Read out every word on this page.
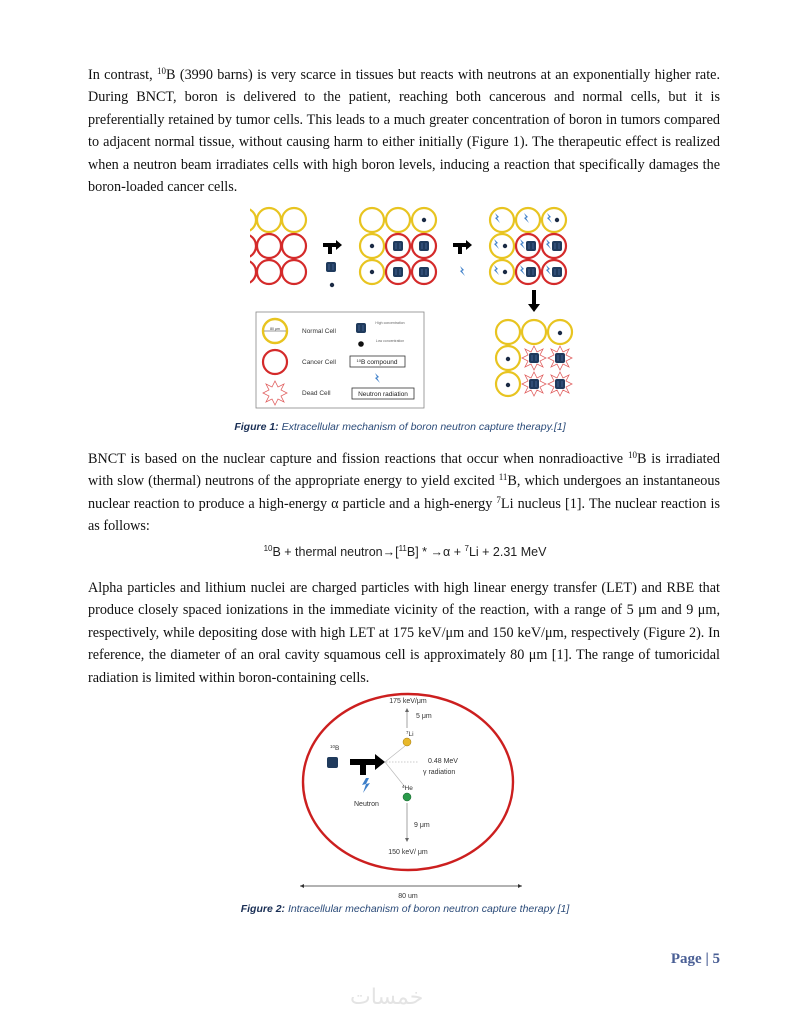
In contrast, $^{10}$B (3990 barns) is very scarce in tissues but reacts with neutrons at an exponentially higher rate. During BNCT, boron is delivered to the patient, reaching both cancerous and normal cells, but it is preferentially retained by tumor cells. This leads to a much greater concentration of boron in tumors compared to adjacent normal tissue, without causing harm to either initially (Figure 1). The therapeutic effect is realized when a neutron beam irradiates cells with high boron levels, inducing a reaction that specifically damages the boron-loaded cancer cells.
80 μm	Normal Cell
Cancer Cell
Dead Cell
High concentration
Low concentration
$^{10}$B compound
Neutron radiation
Figure 1: Extracellular mechanism of boron neutron capture therapy.[1]
BNCT is based on the nuclear capture and fission reactions that occur when nonradioactive $^{10}$B is irradiated with slow (thermal) neutrons of the appropriate energy to yield excited $^{11}$B, which undergoes an instantaneous nuclear reaction to produce a high-energy α particle and a high-energy $^7$Li nucleus [1]. The nuclear reaction is as follows:
$^{10}$B + thermal neutron→[$^{11}$B] * →α + $^7$Li + 2.31 MeV
Alpha particles and lithium nuclei are charged particles with high linear energy transfer (LET) and RBE that produce closely spaced ionizations in the immediate vicinity of the reaction, with a range of 5 μm and 9 μm, respectively, while depositing dose with high LET at 175 keV/μm and 150 keV/μm, respectively (Figure 2). In reference, the diameter of an oral cavity squamous cell is approximately 80 μm [1]. The range of tumoricidal radiation is limited within boron-containing cells.
175 keV/μm
5 μm
$^7$Li
$^{10}$B
0.48 MeV
γ radiation
Neutron
$^4$He
9 μm
150 keV/ μm
80 um
Figure 2: Intracellular mechanism of boron neutron capture therapy [1]
Page | 5
خمسات
